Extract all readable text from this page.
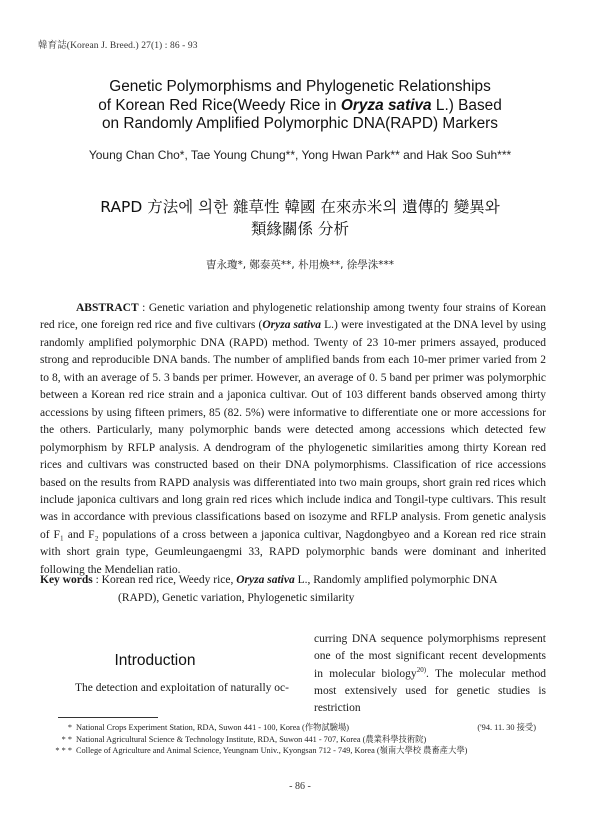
韓育誌(Korean J. Breed.) 27(1) : 86 - 93
Genetic Polymorphisms and Phylogenetic Relationships
of Korean Red Rice(Weedy Rice in Oryza sativa L.) Based
on Randomly Amplified Polymorphic DNA(RAPD) Markers
Young Chan Cho*, Tae Young Chung**, Yong Hwan Park** and Hak Soo Suh***
RAPD 方法에 의한 雜草性 韓國 在來赤米의 遺傳的 變異와
類緣關係 分析
曺永瓊*, 鄭泰英**, 朴用煥**, 徐學洙***
ABSTRACT : Genetic variation and phylogenetic relationship among twenty four strains of Korean red rice, one foreign red rice and five cultivars (Oryza sativa L.) were investigated at the DNA level by using randomly amplified polymorphic DNA (RAPD) method. Twenty of 23 10-mer primers assayed, produced strong and reproducible DNA bands. The number of amplified bands from each 10-mer primer varied from 2 to 8, with an average of 5. 3 bands per primer. However, an average of 0. 5 band per primer was polymorphic between a Korean red rice strain and a japonica cultivar. Out of 103 different bands observed among thirty accessions by using fifteen primers, 85 (82. 5%) were informative to differentiate one or more accessions for the others. Particularly, many polymorphic bands were detected among accessions which detected few polymorphism by RFLP analysis. A dendrogram of the phylogenetic similarities among thirty Korean red rices and cultivars was constructed based on their DNA polymorphisms. Classification of rice accessions based on the results from RAPD analysis was differentiated into two main groups, short grain red rices which include japonica cultivars and long grain red rices which include indica and Tongil-type cultivars. This result was in accordance with previous classifications based on isozyme and RFLP analysis. From genetic analysis of F₁ and F₂ populations of a cross between a japonica cultivar, Nagdongbyeo and a Korean red rice strain with short grain type, Geumleungaengmi 33, RAPD polymorphic bands were dominant and inherited following the Mendelian ratio.
Key words : Korean red rice, Weedy rice, Oryza sativa L., Randomly amplified polymorphic DNA
(RAPD), Genetic variation, Phylogenetic similarity
Introduction
The detection and exploitation of naturally oc-
curring DNA sequence polymorphisms represent one of the most significant recent developments in molecular biology$^{20)}$. The molecular method most extensively used for genetic studies is restriction
* National Crops Experiment Station, RDA, Suwon 441 - 100, Korea (作物試驗場)	('94. 11. 30 接受)
* * National Agricultural Science & Technology Institute, RDA, Suwon 441 - 707, Korea (農業科學技術院)
* * * College of Agriculture and Animal Science, Yeungnam Univ., Kyongsan 712 - 749, Korea (嶺南大學校 農畜產大學)
- 86 -
